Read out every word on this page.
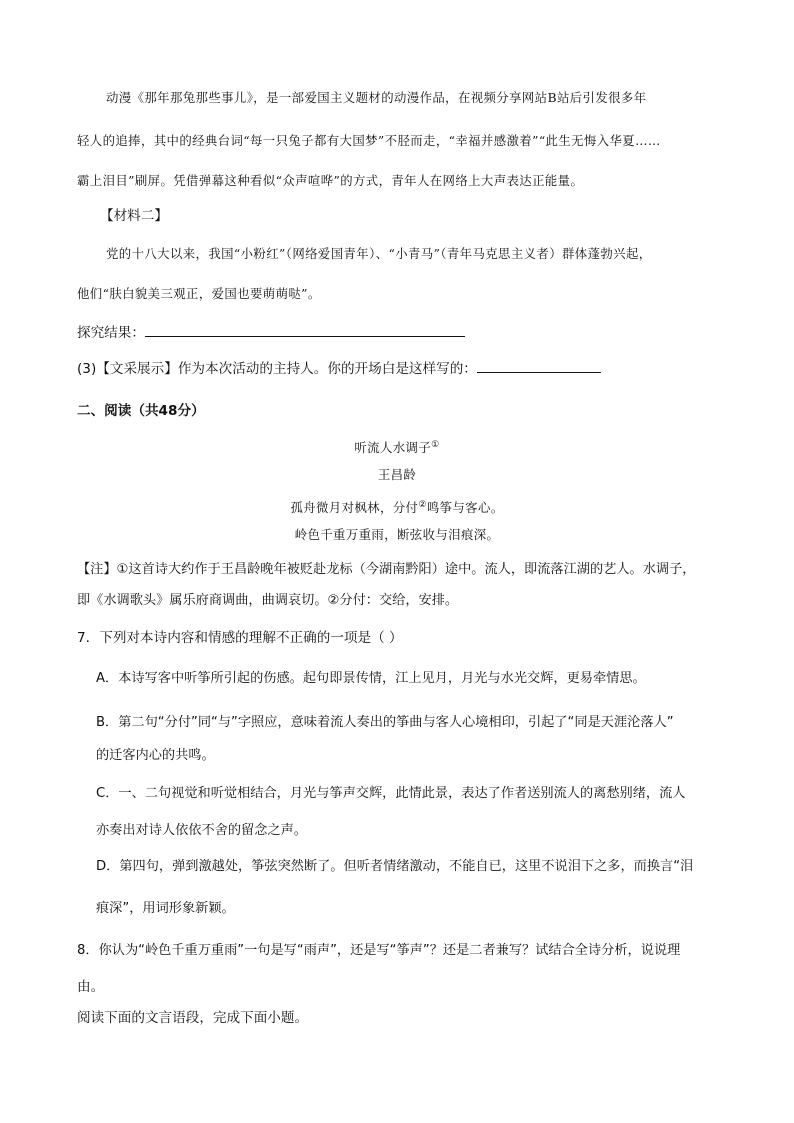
动漫《那年那兔那些事儿》，是一部爱国主义题材的动漫作品，在视频分享网站B站后引发很多年
轻人的追捧，其中的经典台词“每一只兔子都有大国梦”不胫而走，“幸福并感激着”“此生无悔入华夏……
霸上泪目”刷屏。凭借弹幕这种看似“众声喧哗”的方式，青年人在网络上大声表达正能量。
【材料二】
党的十八大以来，我国“小粉红”（网络爱国青年）、“小青马”（青年马克思主义者）群体蓬勃兴起，
他们“肤白貌美三观正，爱国也要萌萌哒”。
探究结果：
(3)【文采展示】作为本次活动的主持人。你的开场白是这样写的：
二、阅读（共48分）
听流人水调子①
王昌龄
孤舟微月对枫林，分付②鸣筝与客心。
岭色千重万重雨，断弦收与泪痕深。
【注】①这首诗大约作于王昌龄晚年被贬赴龙标（今湖南黔阳）途中。流人，即流落江湖的艺人。水调子，
即《水调歌头》属乐府商调曲，曲调哀切。②分付：交给，安排。
7．下列对本诗内容和情感的理解不正确的一项是（ ）
A．本诗写客中听筝所引起的伤感。起句即景传情，江上见月，月光与水光交辉，更易牵情思。
B．第二句“分付”同“与”字照应，意味着流人奏出的筝曲与客人心境相印，引起了“同是天涯沦落人”
的迁客内心的共鸣。
C．一、二句视觉和听觉相结合，月光与筝声交辉，此情此景，表达了作者送别流人的离愁别绪，流人
亦奏出对诗人依依不舍的留念之声。
D．第四句，弹到激越处，筝弦突然断了。但听者情绪激动，不能自已，这里不说泪下之多，而换言“泪
痕深”，用词形象新颖。
8．你认为“岭色千重万重雨”一句是写“雨声”，还是写“筝声”？还是二者兼写？试结合全诗分析，说说理
由。
阅读下面的文言语段，完成下面小题。
